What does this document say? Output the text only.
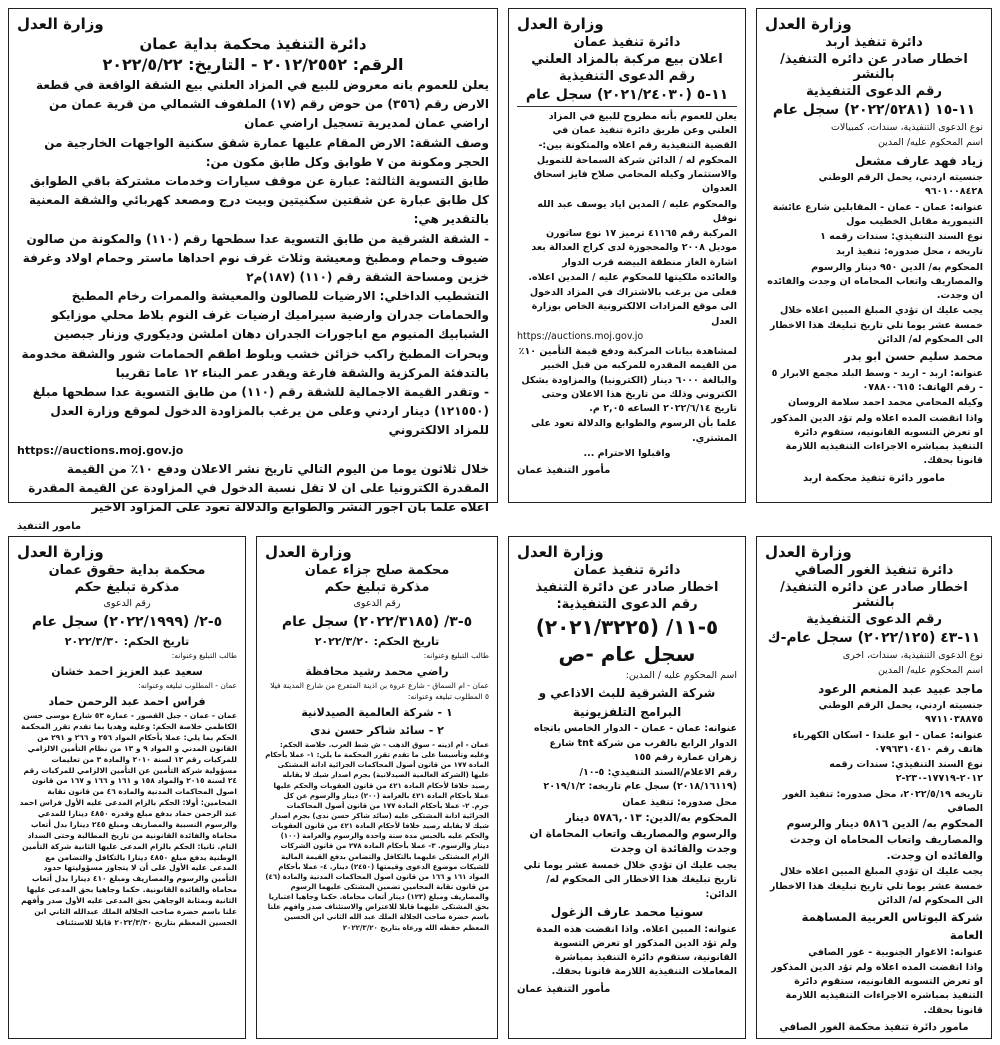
وزارة العدل
دائرة التنفيذ محكمة بداية عمان
الرقم: ٢٠١٢/٢٥٥٢ - التاريخ: ٢٠٢٢/٥/٢٢

يعلن للعموم بانه معروض للبيع في المزاد العلني بيع الشقة الواقعة في قطعة الارض رقم (٣٥٦) من حوض رقم (١٧) الملفوف الشمالي من قرية عمان من اراضي عمان لمديرية تسجيل اراضي عمان

وصف الشقة: الارض المقام عليها عمارة شقق سكنية الواجهات الخارجية من الحجر ومكونة من ٧ طوابق وكل طابق مكون من:

طابق التسوية الثالثة: عبارة عن موقف سيارات وخدمات مشتركة باقي الطوابق كل طابق عبارة عن شقتين سكنيتين وبيت درج ومصعد كهربائي والشقة المعنية بالتقدير هي:

- الشقة الشرقية من طابق التسوية عدا سطحها رقم (١١٠) والمكونة من صالون ضيوف وحمام ومطبخ ومعيشة وثلاث غرف نوم احداها ماستر وحمام اولاد وغرفة خزين ومساحة الشقة رقم (١١٠) (١٨٧)م٢

التشطيب الداخلي: الارضيات للصالون والمعيشة والممرات رخام المطبخ والحمامات جدران وارضية سيراميك ارضيات غرف النوم بلاط محلي موزايكو الشبابيك المنيوم مع اباجورات الجدران دهان املشن وديكوري وزنار جبصين وبحرات المطبخ راكب خزائن خشب وبلوط اطقم الحمامات شور والشقة مخدومة بالتدفئة المركزية والشقة فارغة ويقدر عمر البناء ١٢ عاما تقريبا

- وتقدر القيمة الاجمالية للشقة رقم (١١٠) من طابق التسوية عدا سطحها مبلغ (١٢١٥٥٠) دينار اردني وعلى من يرغب بالمزاودة الدخول لموقع وزارة العدل للمزاد الالكتروني

https://auctions.moj.gov.jo

خلال ثلاثون يوما من اليوم التالي تاريخ نشر الاعلان ودفع ١٠٪ من القيمة المقدرة الكترونيا على ان لا تقل نسبة الدخول في المزاودة عن القيمة المقدرة اعلاه علما بان اجور النشر والطوابع والدلالة تعود على المزاود الاخير

مامور التنفيذ
وزارة العدل
دائرة تنفيذ عمان
اعلان بيع مركبة بالمزاد العلني
رقم الدعوى التنفيذية
١١-٥ (٢٠٢١/٢٤٠٣٠) سجل عام

يعلن للعموم بأنه مطروح للبيع في المزاد العلني وعن طريق دائرة تنفيذ عمان في القضية التنفيذية رقم اعلاه والمتكونة بين:-

المحكوم له / الدائن شركة السماحة للتمويل والاستثمار وكيله المحامي صلاح فايز اسحاق العدوان

والمحكوم عليه / المدين اياد يوسف عبد الله نوفل

المركبة رقم ٤١١٦٥ ترميز ١٧ نوع ساتورن موديل ٢٠٠٨ والمحجوزة لدى كراج العدالة بعد اشارة الغاز منطقة البيضه قرب الدوار

والعائده ملكيتها للمحكوم عليه / المدين اعلاه.

فعلى من يرغب بالاشتراك في المزاد الدخول الى موقع المزادات الالكترونية الخاص بوزارة العدل

https://auctions.moj.gov.jo

لمشاهدة بيانات المركبة ودفع قيمة التأمين ١٠٪ من القيمه المقدره للمركبه من قبل الخبير والبالغة ٦٠٠٠ دينار (الكترونيا) والمزاودة بشكل الكتروني وذلك من تاريخ هذا الاعلان وحتى تاريخ ٢٠٢٢/٦/١٤ الساعه ٢,٠٥ م.

علما بأن الرسوم والطوابع والدلالة تعود على المشتري.

واقبلوا الاحترام ...

مأمور التنفيذ عمان
وزارة العدل
دائرة تنفيذ اربد
اخطار صادر عن دائره التنفيذ/ بالنشر
رقم الدعوى التنفيذية
١١-١٥ (٢٠٢٢/٥٢٨١) سجل عام

نوع الدعوى التنفيذية، سندات، كمبيالات

اسم المحكوم عليه/ المدين

زياد فهد عارف مشعل

جنسيته اردني، يحمل الرقم الوطني ٩٦٠١٠٠٨٤٢٨

عنوانه: عمان - عمان - المقابلين شارع عائشة التيمورية مقابل الخطيب مول

نوع السند التنفيذي: سندات رقمه ١

تاريخه ، محل صدوره: تنفيذ اربد

المحكوم به/ الدين ٩٥٠ دينار والرسوم والمصاريف واتعاب المحاماه ان وجدت والفائده ان وجدت.

يجب عليك ان تؤدي المبلغ المبين اعلاه خلال خمسة عشر يوما تلي تاريخ تبليغك هذا الاخطار الى المحكوم له/ الدائن

محمد سليم حسن ابو بدر

عنوانه: اربد - اربد - وسط البلد مجمع الابرار ٥ - رقم الهاتف: ٠٧٨٨٠٠٦١٥

وكيله المحامي محمد احمد سلامة الروسان

واذا انقضت المده اعلاه ولم تؤد الدين المذكور او تعرض التسويه القانونيه، ستقوم دائرة التنفيذ بمباشره الاجراءات التنفيذيه اللازمة قانونا بحقك.

مامور دائرة تنفيذ محكمة اربد
وزارة العدل
محكمة بداية حقوق عمان
مذكرة تبليغ حكم
رقم الدعوى
٥-٢/ (٢٠٢٢/١٩٩٩) سجل عام
تاريخ الحكم: ٢٠٢٢/٣/٣٠

طالب التبليغ وعنوانه:

سعيد عبد العزيز احمد خشان

عمان - المطلوب تبليغه وعنوانه:

فراس احمد عبد الرحمن حماد

عمان - عمان - جبل القصور - عمارة ٥٣ شارع موسى حسن الكاظمي خلاصة الحكم: وعليه وهديا بما تقدم تقرر المحكمة الحكم بما يلي: عملا بأحكام المواد ٢٥٦ و ٢٦٦ و ٢٩١ من القانون المدني و المواد ٩ و ١٣ من نظام التأمين الالزامي للمركبات رقم ١٢ لسنة ٢٠١٠ والمادة ٣ من تعليمات مسؤولية شركة التأمين عن التأمين الالزامي للمركبات رقم ٢٤ لسنة ٢٠١٥ والمواد ١٥٨ و ١٦١ و ١٦٦ و ١٦٧ من قانون اصول المحاكمات المدنية والمادة ٤٦ من قانون نقابة المحامين: أولا: الحكم بالزام المدعى عليه الأول فراس احمد عبد الرحمن حماد بدفع مبلغ وقدره ٤٨٥٠ دينارا للمدعي والرسوم النسبية والمصاريف ومبلغ ٢٤٥ دينارا بدل أتعاب محاماة والفائدة القانونية من تاريخ المطالبة وحتى السداد التام. ثانيا: الحكم بالزام المدعى عليها الثانية شركة التأمين الوطنية بدفع مبلغ ٤٨٥٠ دينارا بالتكافل والتضامن مع المدعى عليه الأول على أن لا يتجاوز مسؤوليتها حدود التأمين والرسوم والمصاريف ومبلغ ٤١٠ دينارا بدل أتعاب محاماة والفائدة القانونية. حكما وجاهيا بحق المدعى عليها الثانية وبمثابة الوجاهي بحق المدعى عليه الأول صدر وأفهم علنا باسم حضرة صاحب الجلالة الملك عبدالله الثاني ابن الحسين المعظم بتاريخ ٢٠٢٢/٣/٣٠ قابلا للاستئناف

وزارة العدل
محكمة صلح جزاء عمان
مذكرة تبليغ حكم
رقم الدعوى
٥-٣/ (٢٠٢٢/٣١٨٥) سجل عام
تاريخ الحكم: ٢٠٢٢/٣/٢٠

طالب التبليغ وعنوانه:

راضي محمد رشيد محافظة

عمان - ام السماق - شارع عروة بن اذينة المتفرع من شارع المدينة فيلا ٥ المطلوب تبليغه وعنوانه:

١ - شركة العالمية الصيدلانية

٢ - سائد شاكر حسن ندى

عمان - ام اذينه - سوق الذهب - ش شط العرب. خلاصة الحكم: وعليه وتأسيسا على ما تقدم تقرر المحكمة ما يلي: ١- عملا بأحكام المادة ١٧٧ من قانون أصول المحاكمات الجزائية ادانة المشتكى عليها (الشركة العالمية الصيدلانية) بجرم اصدار شيك لا يقابله رصيد خلافا لأحكام المادة ٤٢١ من قانون العقوبات والحكم عليها عملا بأحكام المادة ٤٢١ بالغرامة (٢٠٠) دينار والرسوم عن كل جرم. ٢- عملا بأحكام المادة ١٧٧ من قانون أصول المحاكمات الجزائية ادانة المشتكى عليه (سائد شاكر حسن ندى) بجرم اصدار شيك لا يقابله رصيد خلافا لأحكام المادة ٤٢١ من قانون العقوبات والحكم عليه بالحبس مدة سنة واحدة والرسوم والغرامة (١٠٠) دينار والرسوم. ٣- عملا بأحكام المادة ٢٧٨ من قانون الشركات الزام المشتكى عليهما بالتكافل والتضامن بدفع القيمة المالية للشيكات موضوع الدعوى وقيمتها (٢٤٥٠) دينار. ٤- عملا بأحكام المواد ١٦١ و ١٦٦ من قانون اصول المحاكمات المدنية والمادة (٤٦) من قانون نقابة المحامين تضمين المشتكى عليهما الرسوم والمصاريف ومبلغ (١٢٣) دينار أتعاب محاماة. حكما وجاهيا اعتباريا بحق المشتكى عليهما قابلا للاعتراض والاستئناف صدر وافهم علنا باسم حضرة صاحب الجلالة الملك عبد الله الثاني ابن الحسين المعظم حفظه الله ورعاه بتاريخ ٢٠٢٢/٣/٢٠

وزارة العدل
دائرة تنفيذ عمان
اخطار صادر عن دائرة التنفيذ
رقم الدعوى التنفيذية:
٥-١١/ (٢٠٢١/٣٢٢٥)
سجل عام -ص

اسم المحكوم عليه / المدين:

شركة الشرقية للبث الاذاعي و البرامج التلفزيونية

عنوانه: عمان - عمان - الدوار الخامس باتجاه الدوار الرابع بالقرب من شركة tnt شارع زهران عمارة رقم ١٥٥

رقم الاعلام/السند التنفيذي: ٥-١٠/ (٢٠١٨/١٦١١٩) سجل عام تاريخه: ٢٠١٩/١/٢

محل صدوره: تنفيذ عمان

المحكوم به/الدين: ٥٧٨٦,٠١٣ دينار والرسوم والمصاريف واتعاب المحاماة ان وجدت والفائدة ان وجدت

يجب عليك ان تؤدي خلال خمسة عشر يوما تلي تاريخ تبليغك هذا الاخطار الى المحكوم له/الدائن:

سونيا محمد عارف الزغول

عنوانه: المبين اعلاه. واذا انقضت هذه المدة ولم تؤد الدين المذكور او تعرض التسوية القانونية، ستقوم دائرة التنفيذ بمباشرة المعاملات التنفيذية اللازمة قانونا بحقك.

مأمور التنفيذ عمان
وزارة العدل
دائرة تنفيذ الغور الصافي
اخطار صادر عن دائره التنفيذ/ بالنشر
رقم الدعوى التنفيذية
١١-٤٣ (٢٠٢٢/١٢٥) سجل عام-ك

نوع الدعوى التنفيذية، سندات، اخرى

اسم المحكوم عليه/ المدين

ماجد عبيد عبد المنعم الرعود

جنسيته اردني، يحمل الرقم الوطني ٩٧١١٠٣٨٨٧٥

عنوانه: عمان - ابو علندا - اسكان الكهرباء هاتف رقم ٠٧٩٦٣١٠٤١٠

نوع السند التنفيذي: سندات رقمه ٢٠١٢-١٧٧١٩-٢٣٠-٢

تاريخه ٢٠٢٢/٥/١٩، محل صدوره: تنفيذ الغور الصافي

المحكوم به/ الدين ٥٨١٦ دينار والرسوم والمصاريف واتعاب المحاماه ان وجدت والفائده ان وجدت.

يجب عليك ان تؤدي المبلغ المبين اعلاه خلال خمسة عشر يوما تلي تاريخ تبليغك هذا الاخطار الى المحكوم له/ الدائن

شركة البوتاس العربية المساهمة العامة

عنوانه: الاغوار الجنوبية - غور الصافي

واذا انقضت المده اعلاه ولم تؤد الدين المذكور او تعرض التسويه القانونيه، ستقوم دائرة التنفيذ بمباشره الاجراءات التنفيذيه اللازمة قانونا بحقك.

مامور دائرة تنفيذ محكمة الغور الصافي
